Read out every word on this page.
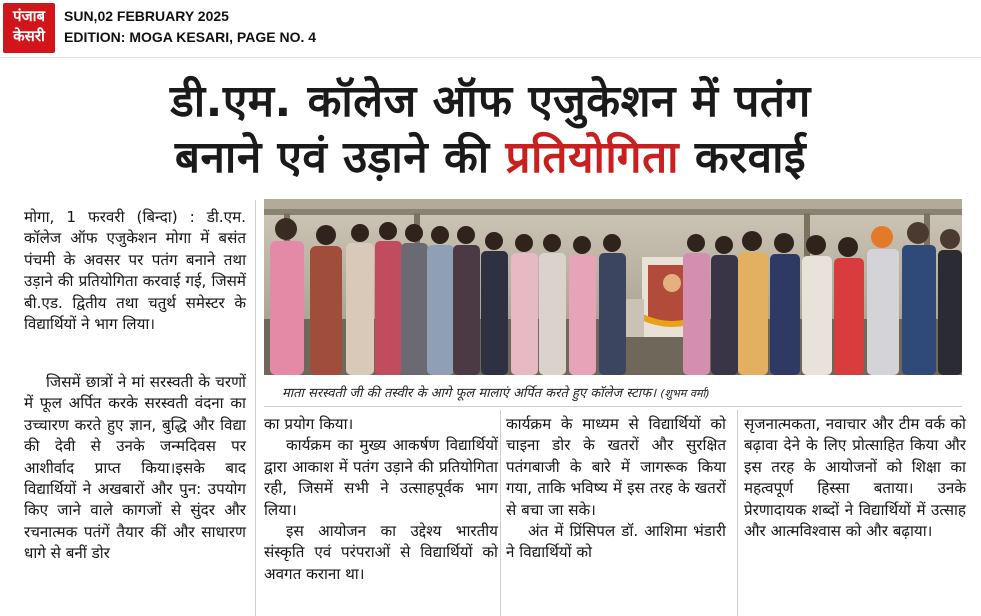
पंजाब
केसरी
SUN,02 FEBRUARY 2025
EDITION: MOGA KESARI, PAGE NO. 4
डी.एम. कॉलेज ऑफ एजुकेशन में पतंग
बनाने एवं उड़ाने की प्रतियोगिता करवाई

मोगा, 1 फरवरी (बिन्दा) : डी.एम. कॉलेज ऑफ एजुकेशन मोगा में बसंत पंचमी के अवसर पर पतंग बनाने तथा उड़ाने की प्रतियोगिता करवाई गई, जिसमें बी.एड. द्वितीय तथा चतुर्थ समेस्टर के विद्यार्थियों ने भाग लिया।

जिसमें छात्रों ने मां सरस्वती के चरणों में फूल अर्पित करके सरस्वती वंदना का उच्चारण करते हुए ज्ञान, बुद्धि और विद्या की देवी से उनके जन्मदिवस पर आशीर्वाद प्राप्त किया।इसके बाद विद्यार्थियों ने अखबारों और पुन: उपयोग किए जाने वाले कागजों से सुंदर और रचनात्मक पतंगें तैयार कीं और साधारण धागे से बनीं डोर

माता सरस्वती जी की तस्वीर के आगे फूल मालाएं अर्पित करते हुए कॉलेज स्टाफ। (शुभम वर्मा)

का प्रयोग किया।

कार्यक्रम का मुख्य आकर्षण विद्यार्थियों द्वारा आकाश में पतंग उड़ाने की प्रतियोगिता रही, जिसमें सभी ने उत्साहपूर्वक भाग लिया।

इस आयोजन का उद्देश्य भारतीय संस्कृति एवं परंपराओं से विद्यार्थियों को अवगत कराना था।

कार्यक्रम के माध्यम से विद्यार्थियों को चाइना डोर के खतरों और सुरक्षित पतंगबाजी के बारे में जागरूक किया गया, ताकि भविष्य में इस तरह के खतरों से बचा जा सके।

अंत में प्रिंसिपल डॉ. आशिमा भंडारी ने विद्यार्थियों को

सृजनात्मकता, नवाचार और टीम वर्क को बढ़ावा देने के लिए प्रोत्साहित किया और इस तरह के आयोजनों को शिक्षा का महत्वपूर्ण हिस्सा बताया। उनके प्रेरणादायक शब्दों ने विद्यार्थियों में उत्साह और आत्मविश्वास को और बढ़ाया।
